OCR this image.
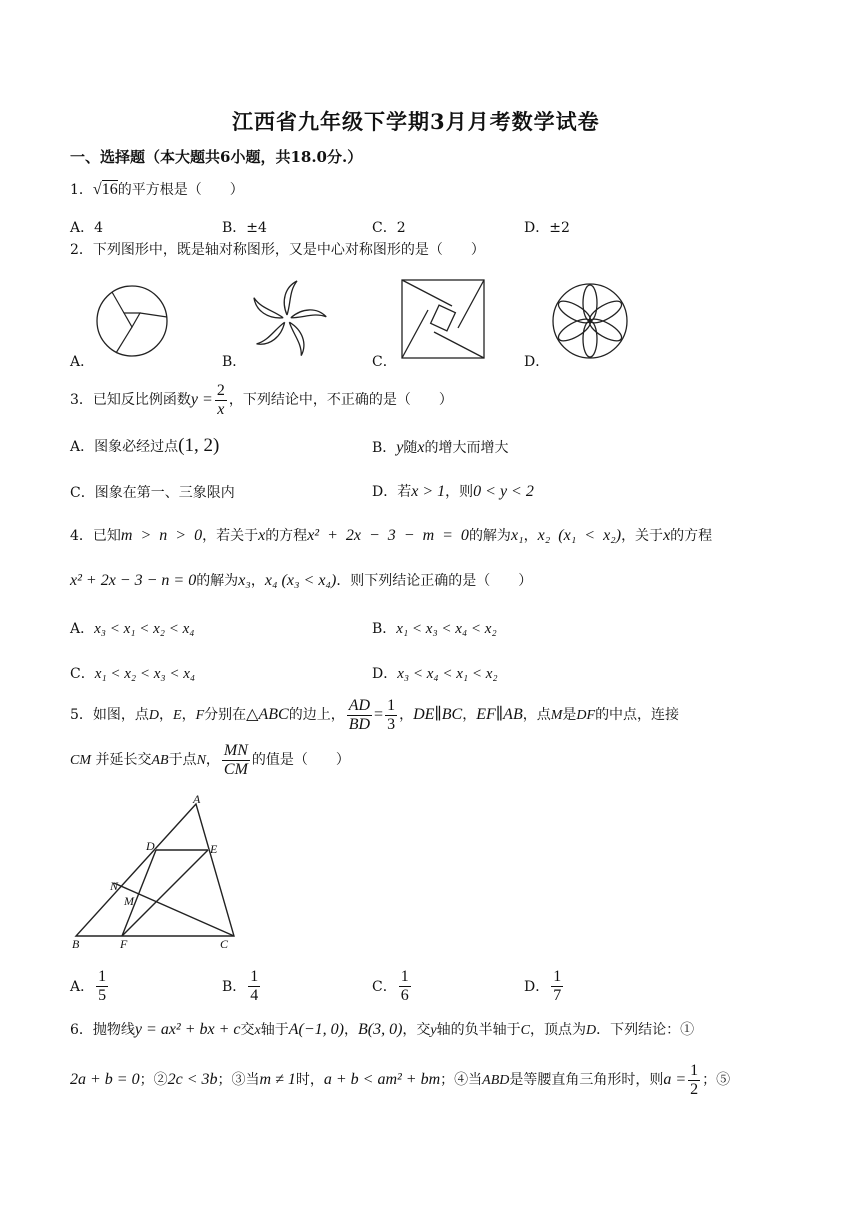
江西省九年级下学期3月月考数学试卷
一、选择题（本大题共6小题，共18.0分.）
1．√16的平方根是（　　）
A．4	B．±4	C．2	D．±2
2．下列图形中，既是轴对称图形，又是中心对称图形的是（　　）
A．	B．	C．	D．
3．已知反比例函数$y = \frac{2}{x}$ ，下列结论中，不正确的是（　　）
A．图象必经过点(1, 2)	B．y随x的增大而增大
C．图象在第一、三象限内	D．若x > 1，则0 < y < 2
4．已知m > n > 0，若关于x的方程x² + 2x − 3 − m = 0的解为x₁，x₂ (x₁ < x₂)，关于x的方程
x² + 2x − 3 − n = 0的解为x₃，x₄ (x₃ < x₄)．则下列结论正确的是（　　）
A．x₃ < x₁ < x₂ < x₄	B．x₁ < x₃ < x₄ < x₂
C．x₁ < x₂ < x₃ < x₄	D．x₃ < x₄ < x₁ < x₂
5．如图，点D，E，F分别在△ABC的边上， $\frac{AD}{BD} = \frac{1}{3}$ ，DE∥BC，EF∥AB，点M是DF的中点，连接
CM 并延长交AB于点N， $\frac{MN}{CM}$ 的值是（　　）
A
D	E
N
M
B	F	C
A． $\frac{1}{5}$	B． $\frac{1}{4}$	C． $\frac{1}{6}$	D． $\frac{1}{7}$
6．抛物线y = ax² + bx + c交x轴于A(−1, 0)，B(3, 0)，交y轴的负半轴于C，顶点为D．下列结论：①
2a + b = 0；②2c < 3b；③当m ≠ 1时，a + b < am² + bm；④当ABD是等腰直角三角形时，则$a = \frac{1}{2}$ ；⑤
